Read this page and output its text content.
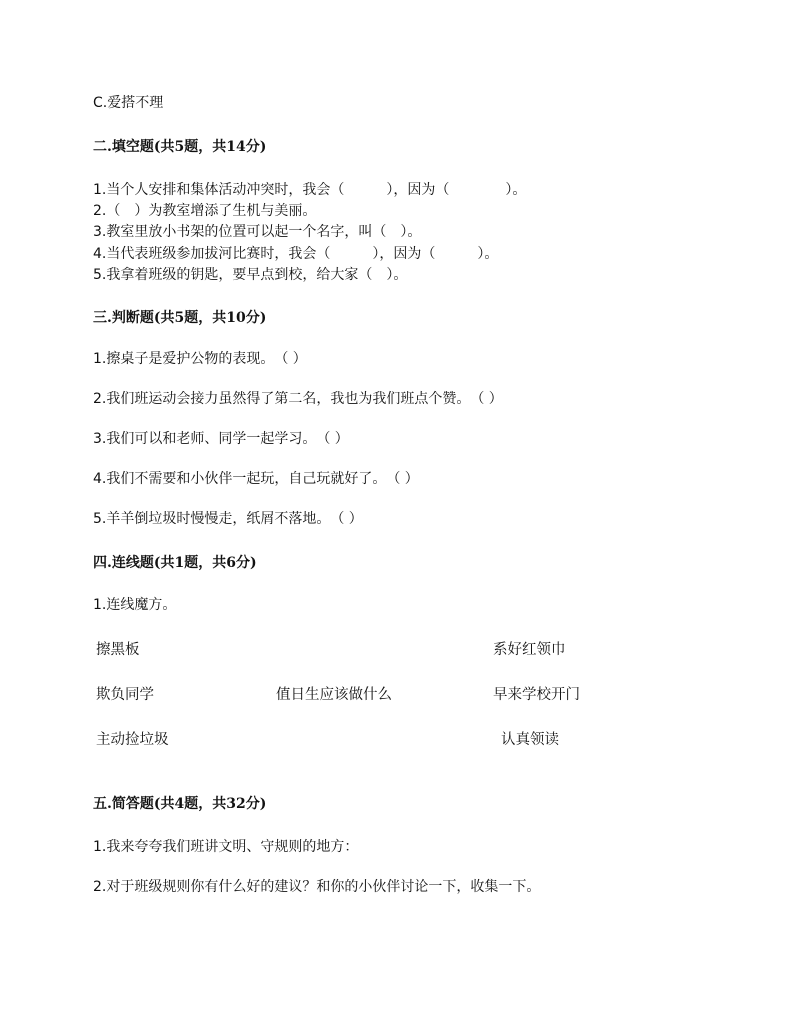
C.爱搭不理
二.填空题(共5题，共14分)
1.当个人安排和集体活动冲突时，我会（　　　），因为（　　　　）。
2.（　）为教室增添了生机与美丽。
3.教室里放小书架的位置可以起一个名字，叫（　）。
4.当代表班级参加拔河比赛时，我会（　　　），因为（　　　）。
5.我拿着班级的钥匙，要早点到校，给大家（　）。
三.判断题(共5题，共10分)
1.擦桌子是爱护公物的表现。　（ ）
2.我们班运动会接力虽然得了第二名，我也为我们班点个赞。　（ ）
3.我们可以和老师、同学一起学习。　（ ）
4.我们不需要和小伙伴一起玩，自己玩就好了。　（ ）
5.羊羊倒垃圾时慢慢走，纸屑不落地。　（ ）
四.连线题(共1题，共6分)
1.连线魔方。
擦黑板
欺负同学
主动捡垃圾
值日生应该做什么
系好红领巾
早来学校开门
认真领读
五.简答题(共4题，共32分)
1.我来夸夸我们班讲文明、守规则的地方：
2.对于班级规则你有什么好的建议？和你的小伙伴讨论一下，收集一下。
